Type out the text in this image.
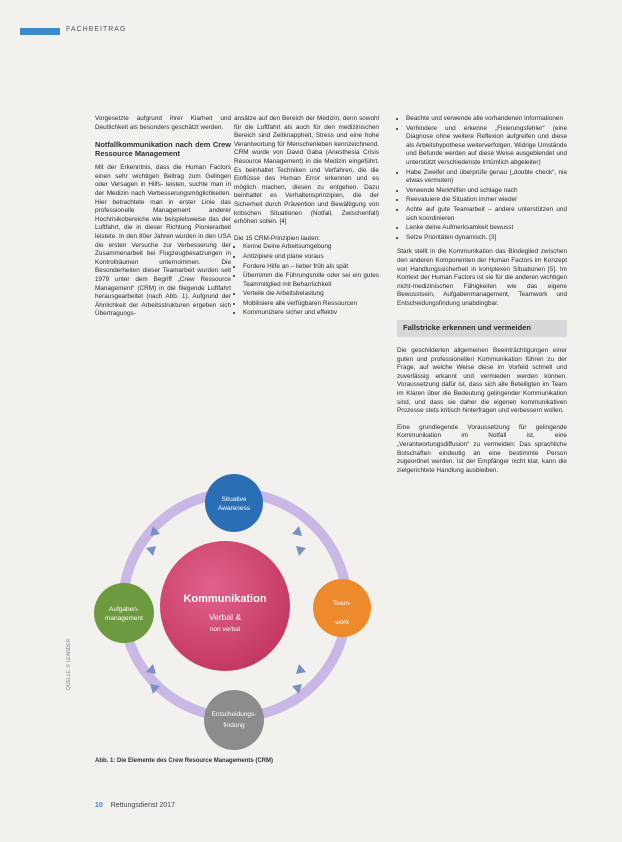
FACHBEITRAG

Vorgesetzte aufgrund ihrer Klarheit und Deutlichkeit als besonders geschätzt werden.

Notfallkommunikation nach dem Crew Ressource Management

Mit der Erkenntnis, dass die Human Factors einen sehr wichtigen Beitrag zum Gelingen oder Versagen in Hilfs- leisten, suchte man in der Medizin nach Verbesserungsmöglichkeiten. Hier betrachtete man in erster Linie das professionelle Management anderer Hochrisikobereiche wie beispielsweise das der Luftfahrt, die in dieser Richtung Pionierarbeit leistete. In den 80er Jahren wurden in den USA die ersten Versuche zur Verbesserung der Zusammenarbeit bei Flugzeugbesatzungen in Kontrollräumen unternommen. Die Besonderheiten dieser Teamarbeit wurden seit 1979 unter dem Begriff „Crew Ressource Management“ (CRM) in die fliegende Luftfahrt herausgearbeitet (nach Abb. 1). Aufgrund der Ähnlichkeit der Arbeitsstrukturen ergeben sich Übertragungs-

ansätze auf den Bereich der Medizin, denn sowohl für die Luftfahrt als auch für den medizinischen Bereich sind Zeitknappheit, Stress und eine hohe Verantwortung für Menschenleben kennzeichnend. CRM wurde von David Gaba (Anesthesia Crisis Resource Management) in die Medizin eingeführt. Es beinhaltet Techniken und Verfahren, die die Einflüsse des Human Error erkennen und es möglich machen, diesen zu entgehen. Dazu beinhaltet es Verhaltensprinzipien, die der Sicherheit durch Prävention und Bewältigung von kritischen Situationen (Notfall, Zwischenfall) erhöhen sollen. [4]

Die 15 CRM-Prinzipien lauten:

• Kenne Deine Arbeitsumgebung
• Antizipiere und plane voraus
• Fordere Hilfe an – lieber früh als spät
• Übernimm die Führungsrolle oder sei ein gutes Teammitglied mit Beharrlichkeit
• Verteile die Arbeitsbelastung
• Mobilisiere alle verfügbaren Ressourcen
• Kommuniziere sicher und effektiv
• Beachte und verwende alle vorhandenen Informationen
• Verhindere und erkenne „Fixierungsfehler“ (eine Diagnose ohne weitere Reflexion aufgreifen und diese als Arbeitshypothese weiterverfolgen. Widrige Umstände und Befunde werden auf diese Weise ausgeblendet und unterstützt verschiedenste Irrtümlich abgeleiter)
• Habe Zweifel und überprüfe genau („double check“, nie etwas vermuten)
• Verwende Merkhilfen und schlage nach
• Reevaluiere die Situation immer wieder
• Achte auf gute Teamarbeit – andere unterstützen und sich koordinieren
• Lenke deine Aufmerksamkeit bewusst
• Setze Prioritäten dynamisch. [3]

Stark stellt in die Kommunikation das Bindeglied zwischen den anderen Komponenten der Human Factors im Konzept von Handlungssicherheit in komplexen Situationen [5]. Im Kontext der Human Factors ist sie für die anderen wichtigen nicht-medizinischen Fähigkeiten wie das eigene Bewusstsein, Aufgabenmanagement, Teamwork und Entscheidungsfindung unabdingbar.

Fallstricke erkennen und vermeiden

Die geschilderten allgemeinen Beeinträchtigungen einer guten und professionellen Kommunikation führen zu der Frage, auf welche Weise diese im Vorfeld schnell und zuverlässig erkannt und vermieden werden können. Voraussetzung dafür ist, dass sich alle Beteiligten im Team im Klaren über die Bedeutung gelingender Kommunikation sind, und dass sie daher die eigenen kommunikativen Prozesse stets kritisch hinterfragen und verbessern wollen.

Eine grundlegende Voraussetzung für gelingende Kommunikation im Notfall ist, eine „Verantwortungsdiffusion“ zu vermeiden: Das sprachliche Botschaften eindeutig an eine bestimmte Person zugeordnet werden. Ist der Empfänger nicht klar, kann die zielgerichtete Handlung ausbleiben.

Kommunikation
Verbal &
non verbal
Situative
Awareness
Aufgaben-
management
Team-
work
Entscheidungs-
findung
QUELLE: © LEANDER
Abb. 1: Die Elemente des Crew Resource Managements (CRM)
10 Rettungsdienst 2017
